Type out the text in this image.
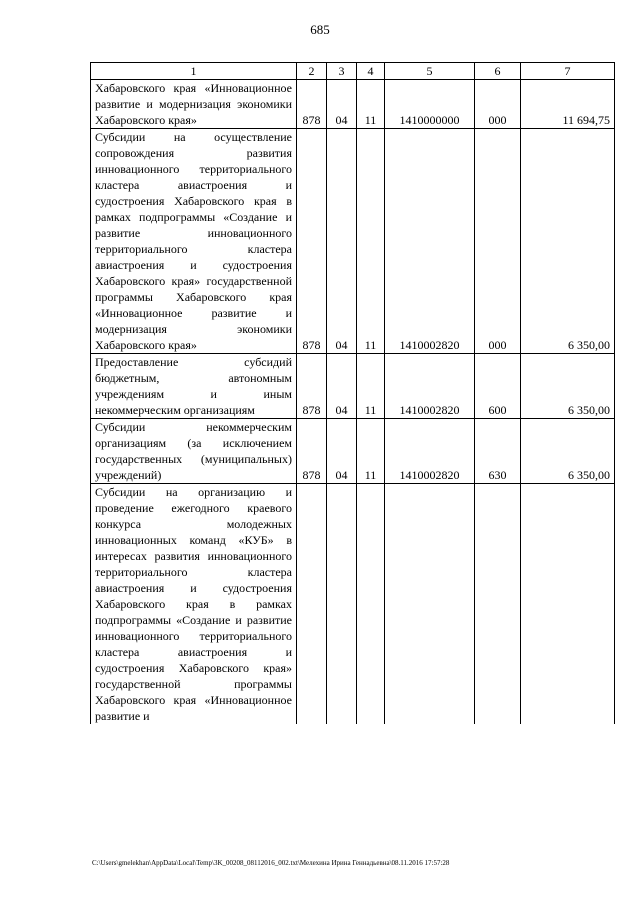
685
1	2	3	4	5	6	7
Хабаровского края «Инновационное развитие и модернизация экономики Хабаровского края»	878	04	11	1410000000	000	11 694,75
Субсидии на осуществление сопровождения развития инновационного территориального кластера авиастроения и судостроения Хабаровского края в рамках подпрограммы «Создание и развитие инновационного территориального кластера авиастроения и судостроения Хабаровского края» государственной программы Хабаровского края «Инновационное развитие и модернизация экономики Хабаровского края»	878	04	11	1410002820	000	6 350,00
Предоставление субсидий бюджетным, автономным учреждениям и иным некоммерческим организациям	878	04	11	1410002820	600	6 350,00
Субсидии некоммерческим организациям (за исключением государственных (муниципальных) учреждений)	878	04	11	1410002820	630	6 350,00
Субсидии на организацию и проведение ежегодного краевого конкурса молодежных инновационных команд «КУБ» в интересах развития инновационного территориального кластера авиастроения и судостроения Хабаровского края в рамках подпрограммы «Создание и развитие инновационного территориального кластера авиастроения и судостроения Хабаровского края» государственной программы Хабаровского края «Инновационное развитие и						
C:\Users\gmelekhan\AppData\Local\Temp\3K_00208_08112016_002.txt\Мелехина Ирина Геннадьевна\08.11.2016 17:57:28
